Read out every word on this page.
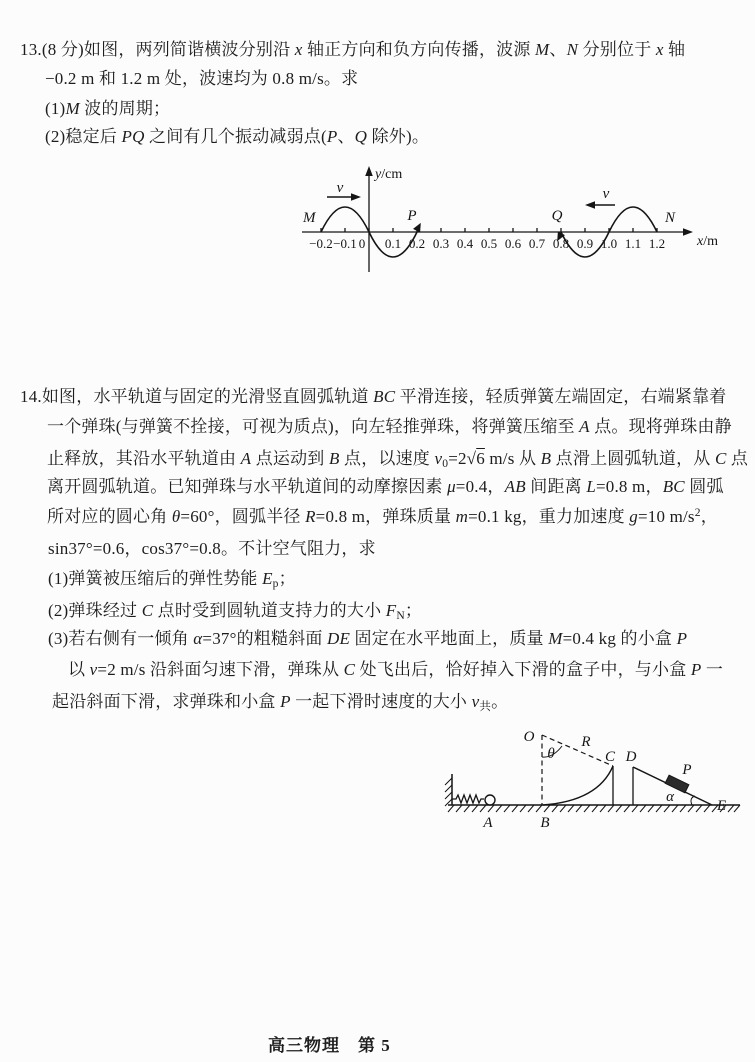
13.(8 分)如图，两列简谐横波分别沿 x 轴正方向和负方向传播，波源 M、N 分别位于 x 轴
−0.2 m 和 1.2 m 处，波速均为 0.8 m/s。求
(1)M 波的周期；
(2)稳定后 PQ 之间有几个振动减弱点(P、Q 除外)。
y/cm
x/m
−0.2 −0.1 0 0.1 0.2 0.3 0.4 0.5 0.6 0.7 0.8 0.9 1.0 1.1 1.2
v	v
M	P	Q	N
14.如图，水平轨道与固定的光滑竖直圆弧轨道 BC 平滑连接，轻质弹簧左端固定，右端紧靠着
一个弹珠(与弹簧不拴接，可视为质点)，向左轻推弹珠，将弹簧压缩至 A 点。现将弹珠由静
止释放，其沿水平轨道由 A 点运动到 B 点，以速度 v0=2√6 m/s 从 B 点滑上圆弧轨道，从 C 点
离开圆弧轨道。已知弹珠与水平轨道间的动摩擦因素 μ=0.4，AB 间距离 L=0.8 m，BC 圆弧
所对应的圆心角 θ=60°，圆弧半径 R=0.8 m，弹珠质量 m=0.1 kg，重力加速度 g=10 $m/s^2$，
sin37°=0.6，cos37°=0.8。不计空气阻力，求
(1)弹簧被压缩后的弹性势能 Ep；
(2)弹珠经过 C 点时受到圆轨道支持力的大小 FN；
(3)若右侧有一倾角 α=37°的粗糙斜面 DE 固定在水平地面上，质量 M=0.4 kg 的小盒 P
以 v=2 m/s 沿斜面匀速下滑，弹珠从 C 处飞出后，恰好掉入下滑的盒子中，与小盒 P 一
起沿斜面下滑，求弹珠和小盒 P 一起下滑时速度的大小 v共。
O
θ
R
C D
P
α
E
A	B
高三物理　第 5
